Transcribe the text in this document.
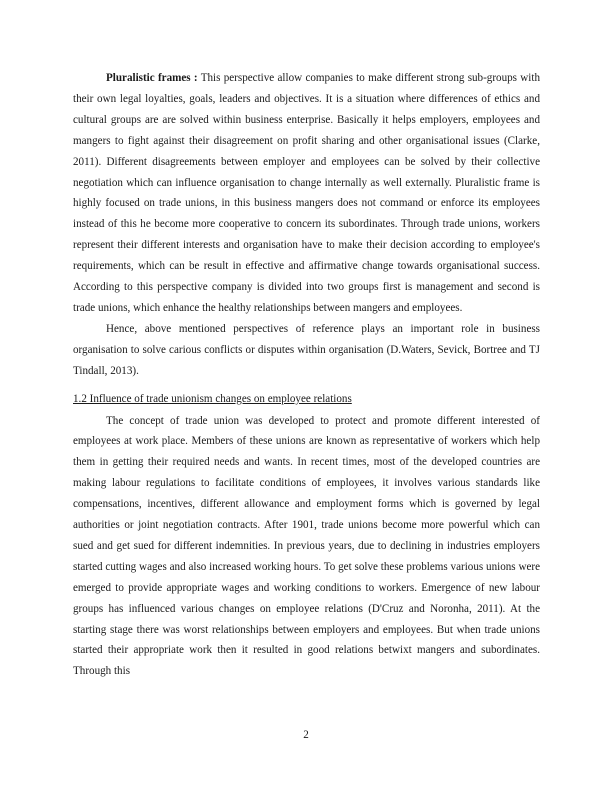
Pluralistic frames : This perspective allow companies to make different strong sub-groups with their own legal loyalties, goals, leaders and objectives. It is a situation where differences of ethics and cultural groups are are solved within business enterprise. Basically it helps employers, employees and mangers to fight against their disagreement on profit sharing and other organisational issues (Clarke, 2011). Different disagreements between employer and employees can be solved by their collective negotiation which can influence organisation to change internally as well externally. Pluralistic frame is highly focused on trade unions, in this business mangers does not command or enforce its employees instead of this he become more cooperative to concern its subordinates. Through trade unions, workers represent their different interests and organisation have to make their decision according to employee's requirements, which can be result in effective and affirmative change towards organisational success. According to this perspective company is divided into two groups first is management and second is trade unions, which enhance the healthy relationships between mangers and employees.

Hence, above mentioned perspectives of reference plays an important role in business organisation to solve carious conflicts or disputes within organisation (D.Waters, Sevick, Bortree and TJ Tindall, 2013).

1.2 Influence of trade unionism changes on employee relations

The concept of trade union was developed to protect and promote different interested of employees at work place. Members of these unions are known as representative of workers which help them in getting their required needs and wants. In recent times, most of the developed countries are making labour regulations to facilitate conditions of employees, it involves various standards like compensations, incentives, different allowance and employment forms which is governed by legal authorities or joint negotiation contracts. After 1901, trade unions become more powerful which can sued and get sued for different indemnities. In previous years, due to declining in industries employers started cutting wages and also increased working hours. To get solve these problems various unions were emerged to provide appropriate wages and working conditions to workers. Emergence of new labour groups has influenced various changes on employee relations (D'Cruz and Noronha, 2011). At the starting stage there was worst relationships between employers and employees. But when trade unions started their appropriate work then it resulted in good relations betwixt mangers and subordinates. Through this

2
